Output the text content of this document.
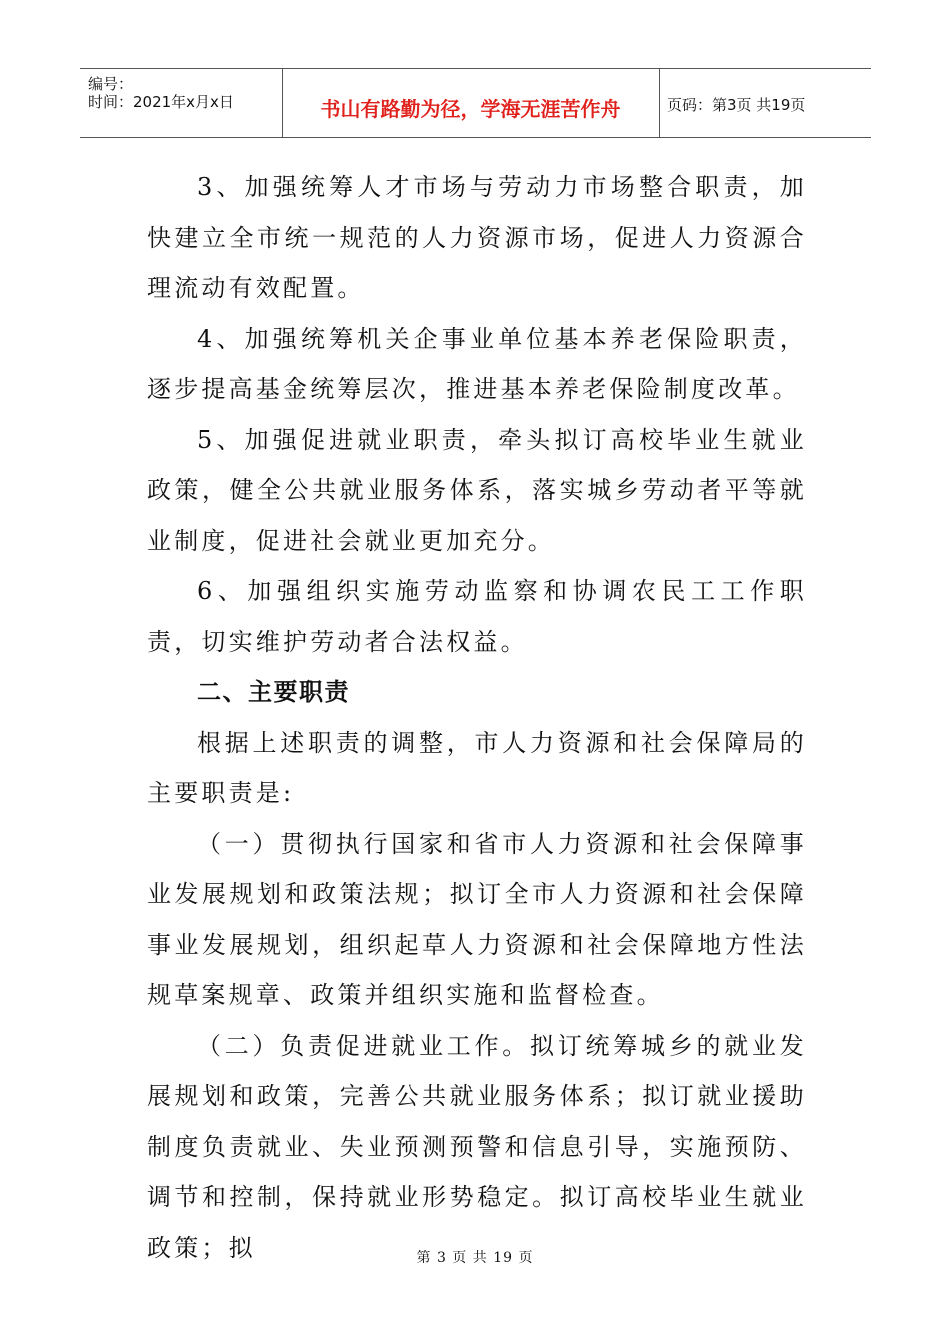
编号：
时间：2021年x月x日	书山有路勤为径，学海无涯苦作舟	页码：第3页 共19页

3、加强统筹人才市场与劳动力市场整合职责，加快建立全市统一规范的人力资源市场，促进人力资源合理流动有效配置。

4、加强统筹机关企事业单位基本养老保险职责，逐步提高基金统筹层次，推进基本养老保险制度改革。

5、加强促进就业职责，牵头拟订高校毕业生就业政策，健全公共就业服务体系，落实城乡劳动者平等就业制度，促进社会就业更加充分。

6、加强组织实施劳动监察和协调农民工工作职责，切实维护劳动者合法权益。

二、主要职责

根据上述职责的调整，市人力资源和社会保障局的主要职责是:

（一）贯彻执行国家和省市人力资源和社会保障事业发展规划和政策法规；拟订全市人力资源和社会保障事业发展规划，组织起草人力资源和社会保障地方性法规草案规章、政策并组织实施和监督检查。

（二）负责促进就业工作。拟订统筹城乡的就业发展规划和政策，完善公共就业服务体系；拟订就业援助制度负责就业、失业预测预警和信息引导，实施预防、调节和控制，保持就业形势稳定。拟订高校毕业生就业政策；拟	第 3 页 共 19 页
